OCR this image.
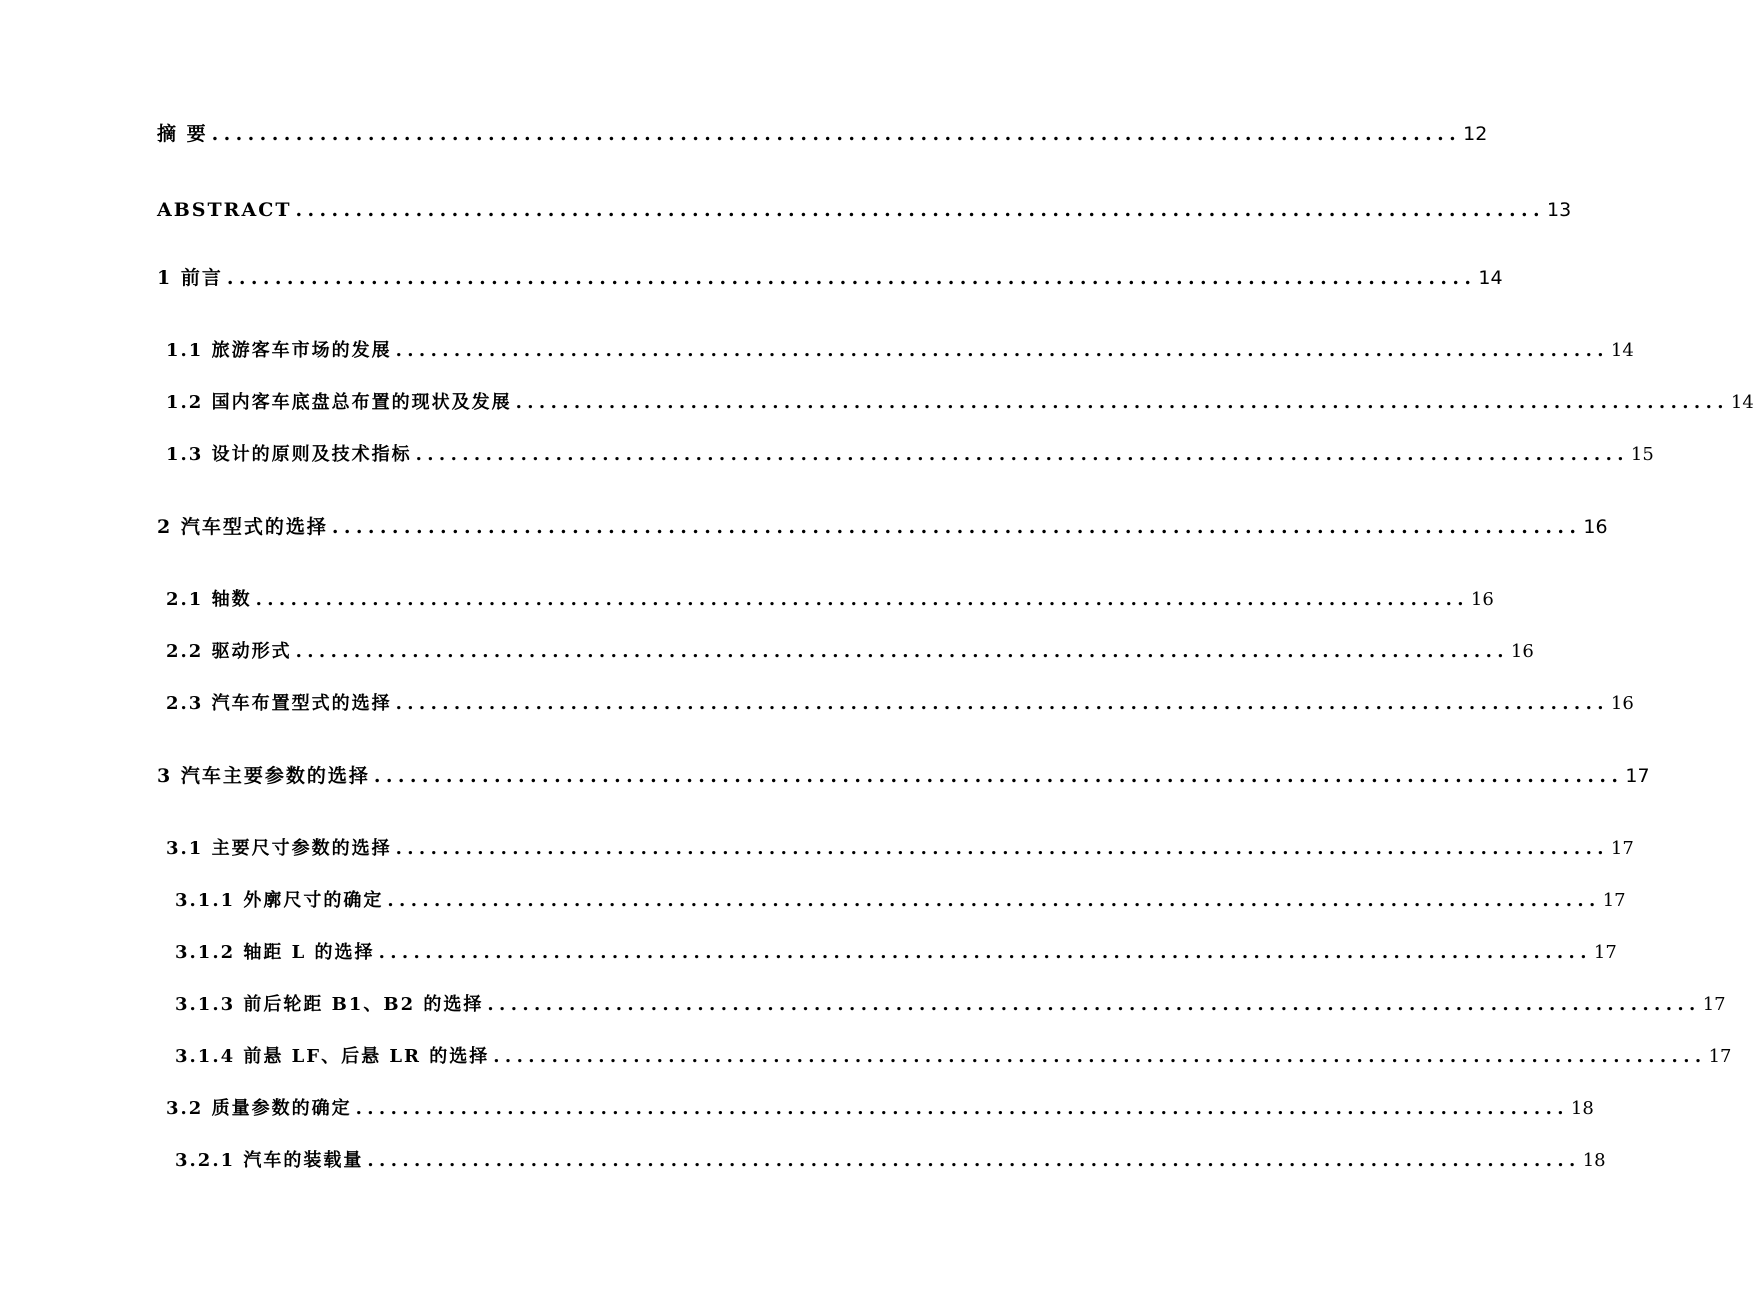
摘 要 ........................................................................................................ 12
ABSTRACT ........................................................................................................ 13
1 前言 ........................................................................................................ 14
1.1 旅游客车市场的发展 ........................................................................................................ 14
1.2 国内客车底盘总布置的现状及发展 ........................................................................................................ 14
1.3 设计的原则及技术指标 ........................................................................................................ 15
2 汽车型式的选择 ........................................................................................................ 16
2.1 轴数 ........................................................................................................ 16
2.2 驱动形式 ........................................................................................................ 16
2.3 汽车布置型式的选择 ........................................................................................................ 16
3 汽车主要参数的选择 ........................................................................................................ 17
3.1 主要尺寸参数的选择 ........................................................................................................ 17
3.1.1 外廓尺寸的确定 ........................................................................................................ 17
3.1.2 轴距 L 的选择 ........................................................................................................ 17
3.1.3 前后轮距 B1、B2 的选择 ........................................................................................................ 17
3.1.4 前悬 LF、后悬 LR 的选择 ........................................................................................................ 17
3.2 质量参数的确定 ........................................................................................................ 18
3.2.1 汽车的装载量 ........................................................................................................ 18
